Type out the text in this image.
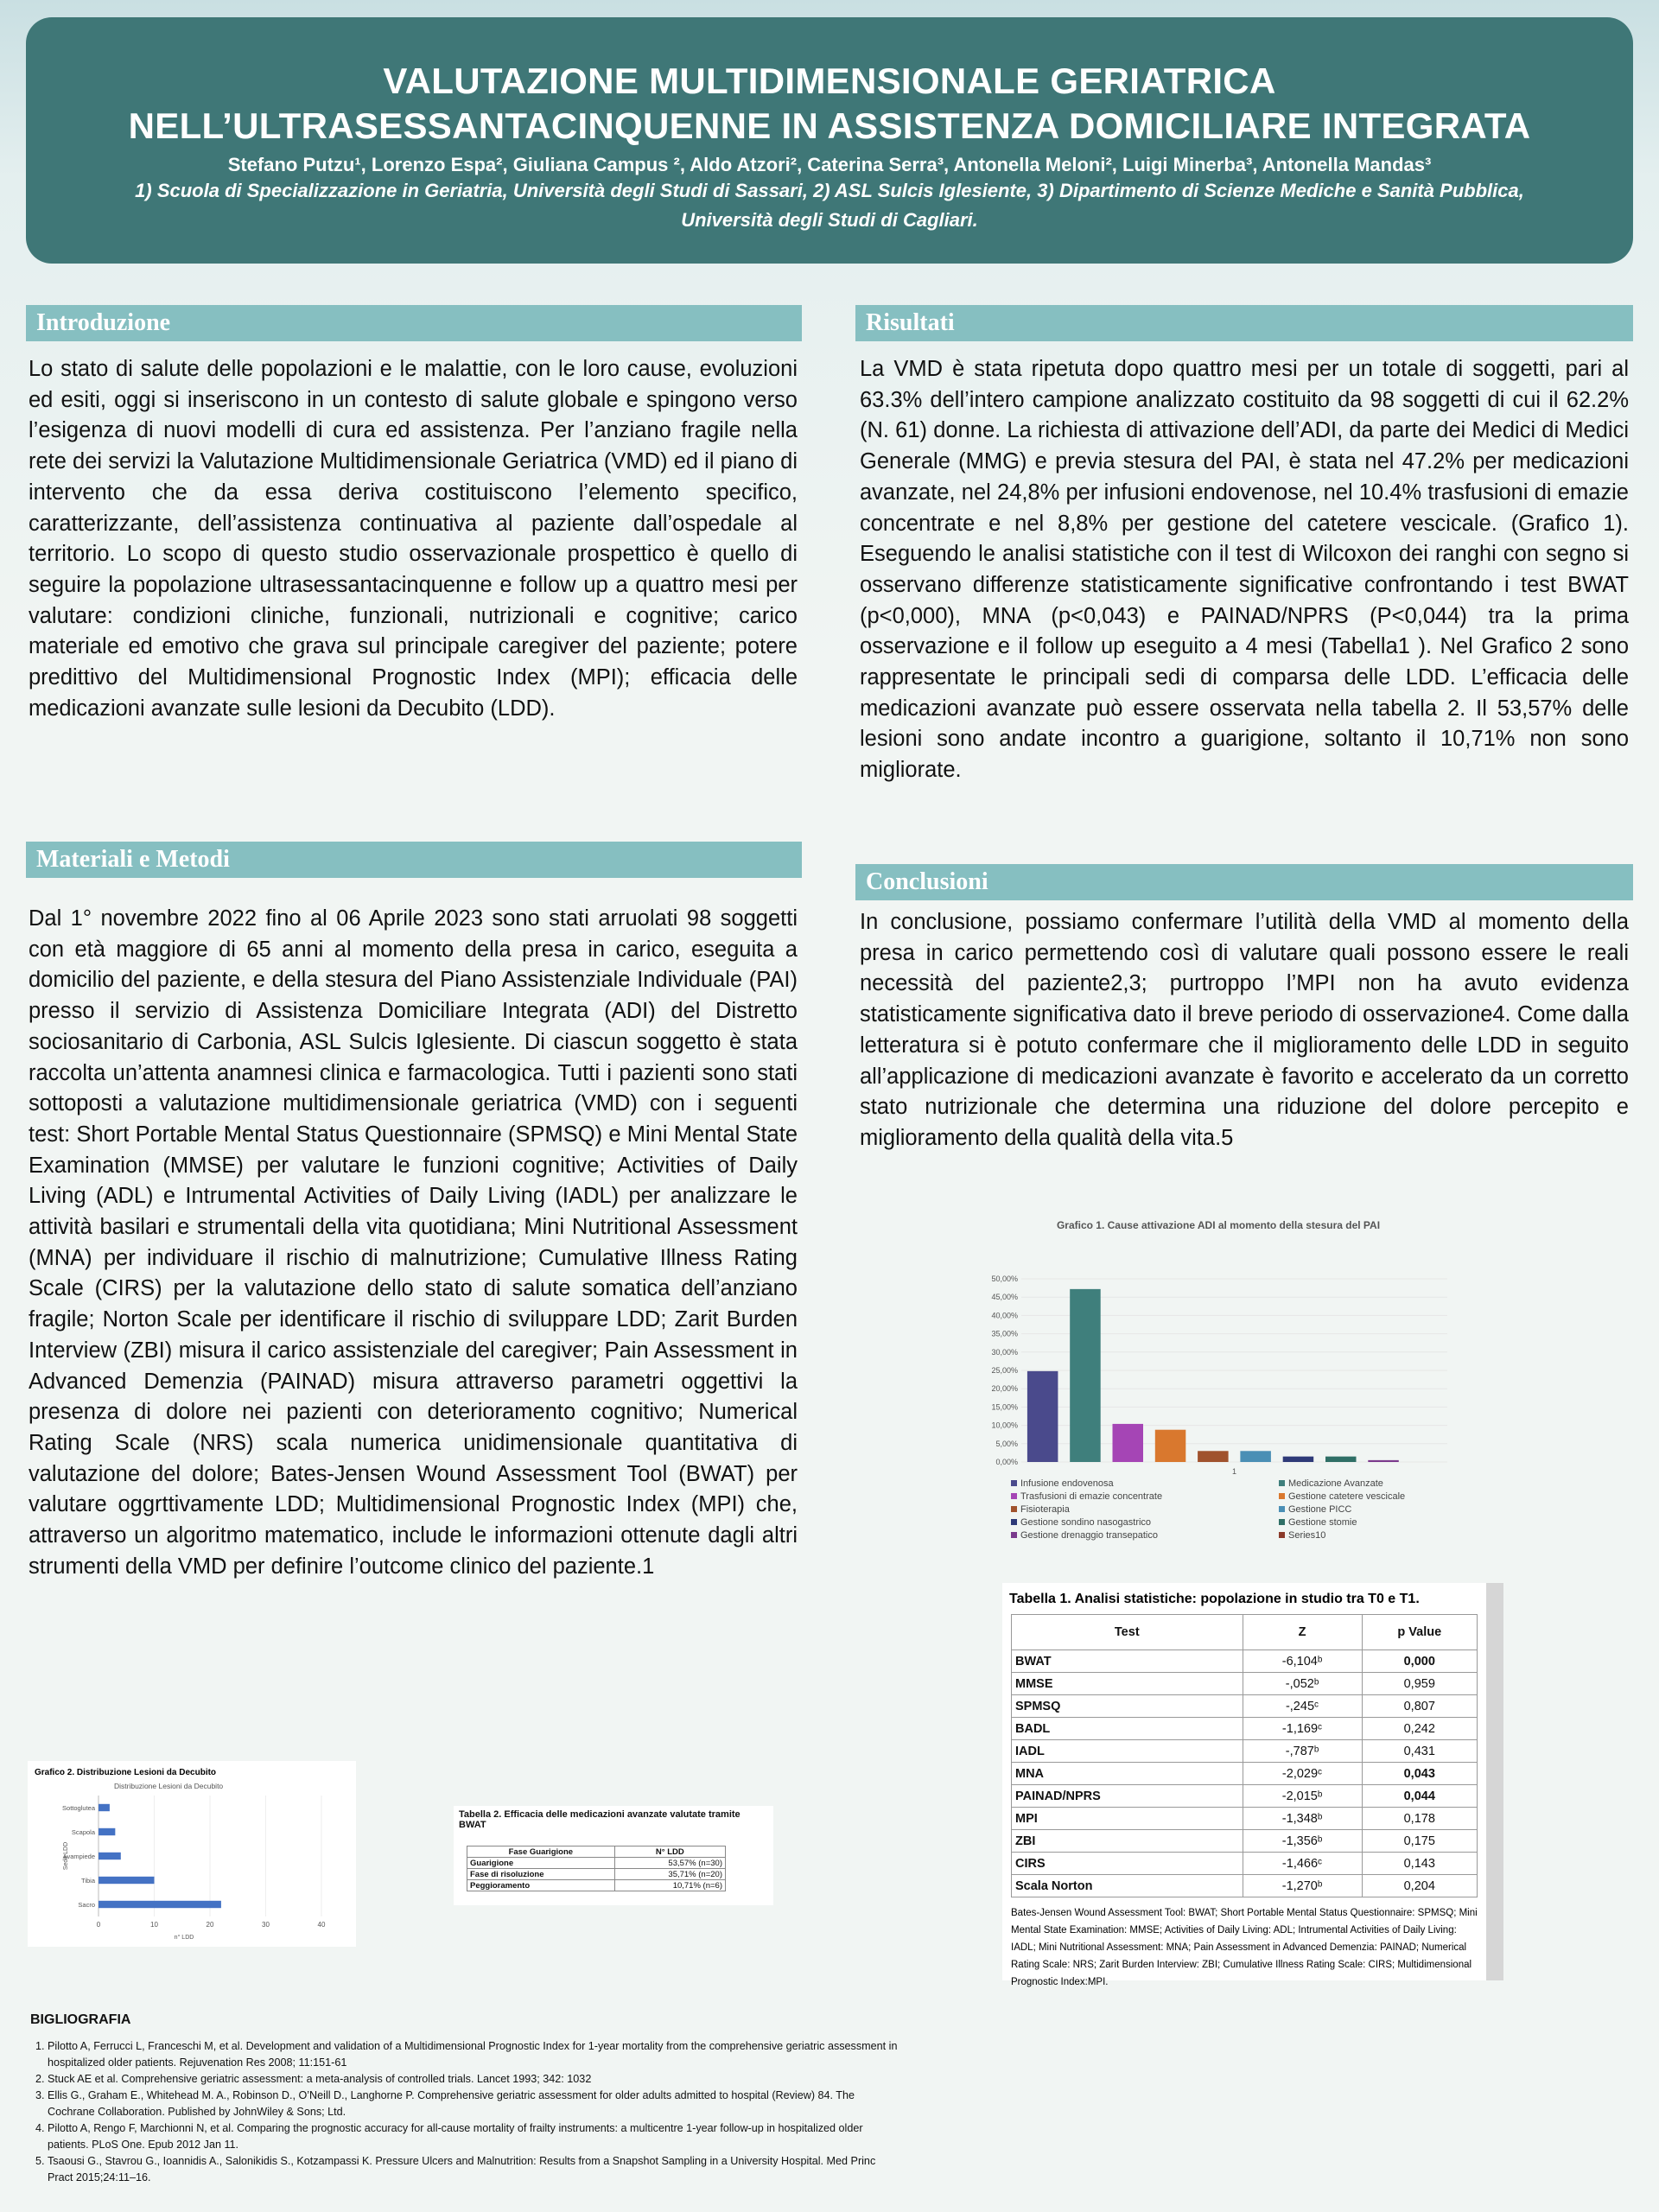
VALUTAZIONE MULTIDIMENSIONALE GERIATRICA
NELL’ULTRASESSANTACINQUENNE IN ASSISTENZA DOMICILIARE INTEGRATA
Stefano Putzu¹, Lorenzo Espa², Giuliana Campus ², Aldo Atzori², Caterina Serra³, Antonella Meloni², Luigi Minerba³, Antonella Mandas³
1) Scuola di Specializzazione in Geriatria, Università degli Studi di Sassari, 2) ASL Sulcis Iglesiente, 3) Dipartimento di Scienze Mediche e Sanità Pubblica, Università degli Studi di Cagliari.
Introduzione
Lo stato di salute delle popolazioni e le malattie, con le loro cause, evoluzioni ed esiti, oggi si inseriscono in un contesto di salute globale e spingono verso l’esigenza di nuovi modelli di cura ed assistenza. Per l’anziano fragile nella rete dei servizi la Valutazione Multidimensionale Geriatrica (VMD) ed il piano di intervento che da essa deriva costituiscono l’elemento specifico, caratterizzante, dell’assistenza continuativa al paziente dall’ospedale al territorio. Lo scopo di questo studio osservazionale prospettico è quello di seguire la popolazione ultrasessantacinquenne e follow up a quattro mesi per valutare: condizioni cliniche, funzionali, nutrizionali e cognitive; carico materiale ed emotivo che grava sul principale caregiver del paziente; potere predittivo del Multidimensional Prognostic Index (MPI); efficacia delle medicazioni avanzate sulle lesioni da Decubito (LDD).
Materiali e Metodi
Dal 1° novembre 2022 fino al 06 Aprile 2023 sono stati arruolati 98 soggetti con età maggiore di 65 anni al momento della presa in carico, eseguita a domicilio del paziente, e della stesura del Piano Assistenziale Individuale (PAI) presso il servizio di Assistenza Domiciliare Integrata (ADI) del Distretto sociosanitario di Carbonia, ASL Sulcis Iglesiente. Di ciascun soggetto è stata raccolta un’attenta anamnesi clinica e farmacologica. Tutti i pazienti sono stati sottoposti a valutazione multidimensionale geriatrica (VMD) con i seguenti test: Short Portable Mental Status Questionnaire (SPMSQ) e Mini Mental State Examination (MMSE) per valutare le funzioni cognitive; Activities of Daily Living (ADL) e Intrumental Activities of Daily Living (IADL) per analizzare le attività basilari e strumentali della vita quotidiana; Mini Nutritional Assessment (MNA) per individuare il rischio di malnutrizione; Cumulative Illness Rating Scale (CIRS) per la valutazione dello stato di salute somatica dell’anziano fragile; Norton Scale per identificare il rischio di sviluppare LDD; Zarit Burden Interview (ZBI) misura il carico assistenziale del caregiver; Pain Assessment in Advanced Demenzia (PAINAD) misura attraverso parametri oggettivi la presenza di dolore nei pazienti con deterioramento cognitivo; Numerical Rating Scale (NRS) scala numerica unidimensionale quantitativa di valutazione del dolore; Bates-Jensen Wound Assessment Tool (BWAT) per valutare oggrttivamente LDD; Multidimensional Prognostic Index (MPI) che, attraverso un algoritmo matematico, include le informazioni ottenute dagli altri strumenti della VMD per definire l’outcome clinico del paziente.1
Risultati
La VMD è stata ripetuta dopo quattro mesi per un totale di soggetti, pari al 63.3% dell’intero campione analizzato costituito da 98 soggetti di cui il 62.2% (N. 61) donne. La richiesta di attivazione dell’ADI, da parte dei Medici di Medici Generale (MMG) e previa stesura del PAI, è stata nel 47.2% per medicazioni avanzate, nel 24,8% per infusioni endovenose, nel 10.4% trasfusioni di emazie concentrate e nel 8,8% per gestione del catetere vescicale. (Grafico 1). Eseguendo le analisi statistiche con il test di Wilcoxon dei ranghi con segno si osservano differenze statisticamente significative confrontando i test BWAT (p<0,000), MNA (p<0,043) e PAINAD/NPRS (P<0,044) tra la prima osservazione e il follow up eseguito a 4 mesi (Tabella1 ). Nel Grafico 2 sono rappresentate le principali sedi di comparsa delle LDD. L’efficacia delle medicazioni avanzate può essere osservata nella tabella 2. Il 53,57% delle lesioni sono andate incontro a guarigione, soltanto il 10,71% non sono migliorate.
Conclusioni
In conclusione, possiamo confermare l’utilità della VMD al momento della presa in carico permettendo così di valutare quali possono essere le reali necessità del paziente2,3; purtroppo l’MPI non ha avuto evidenza statisticamente significativa dato il breve periodo di osservazione4. Come dalla letteratura si è potuto confermare che il miglioramento delle LDD in seguito all’applicazione di medicazioni avanzate è favorito e accelerato da un corretto stato nutrizionale che determina una riduzione del dolore percepito e miglioramento della qualità della vita.5
Grafico 1. Cause attivazione ADI al momento della stesura del PAI
0,00%
5,00%
10,00%
15,00%
20,00%
25,00%
30,00%
35,00%
40,00%
45,00%
50,00%
1
Infusione endovenosa	Medicazione Avanzate
Trasfusioni di emazie concentrate	Gestione catetere vescicale
Fisioterapia	Gestione PICC
Gestione sondino nasogastrico	Gestione stomie
Gestione drenaggio transepatico	Series10
Tabella 1. Analisi statistiche: popolazione in studio tra T0 e T1.
Test	Z	p Value
BWAT	-6,104ᵇ	0,000
MMSE	-,052ᵇ	0,959
SPMSQ	-,245ᶜ	0,807
BADL	-1,169ᶜ	0,242
IADL	-,787ᵇ	0,431
MNA	-2,029ᶜ	0,043
PAINAD/NPRS	-2,015ᵇ	0,044
MPI	-1,348ᵇ	0,178
ZBI	-1,356ᵇ	0,175
CIRS	-1,466ᶜ	0,143
Scala Norton	-1,270ᵇ	0,204
Bates-Jensen Wound Assessment Tool: BWAT; Short Portable Mental Status Questionnaire: SPMSQ; Mini Mental State Examination: MMSE; Activities of Daily Living: ADL; Intrumental Activities of Daily Living: IADL; Mini Nutritional Assessment: MNA; Pain Assessment in Advanced Demenzia: PAINAD; Numerical Rating Scale: NRS; Zarit Burden Interview: ZBI; Cumulative Illness Rating Scale: CIRS; Multidimensional Prognostic Index:MPI.
Grafico 2. Distribuzione Lesioni da Decubito
Distribuzione Lesioni da Decubito
0	10	20	30	40
Sacro
Tibia
Avampiede
Scapola
Sottoglutea
n° LDD
Sede LDD
Tabella 2. Efficacia delle medicazioni avanzate valutate tramite BWAT
Fase Guarigione	N° LDD
Guarigione	53,57% (n=30)
Fase di risoluzione	35,71% (n=20)
Peggioramento	10,71% (n=6)
BIGLIOGRAFIA
1. Pilotto A, Ferrucci L, Franceschi M, et al. Development and validation of a Multidimensional Prognostic Index for 1-year mortality from the comprehensive geriatric assessment in hospitalized older patients. Rejuvenation Res 2008; 11:151-61
2. Stuck AE et al. Comprehensive geriatric assessment: a meta-analysis of controlled trials. Lancet 1993; 342: 1032
3. Ellis G., Graham E., Whitehead M. A., Robinson D., O’Neill D., Langhorne P. Comprehensive geriatric assessment for older adults admitted to hospital (Review) 84. The Cochrane Collaboration. Published by JohnWiley & Sons; Ltd.
4. Pilotto A, Rengo F, Marchionni N, et al. Comparing the prognostic accuracy for all-cause mortality of frailty instruments: a multicentre 1-year follow-up in hospitalized older patients. PLoS One. Epub 2012 Jan 11.
5. Tsaousi G., Stavrou G., Ioannidis A., Salonikidis S., Kotzampassi K. Pressure Ulcers and Malnutrition: Results from a Snapshot Sampling in a University Hospital. Med Princ Pract 2015;24:11–16.
